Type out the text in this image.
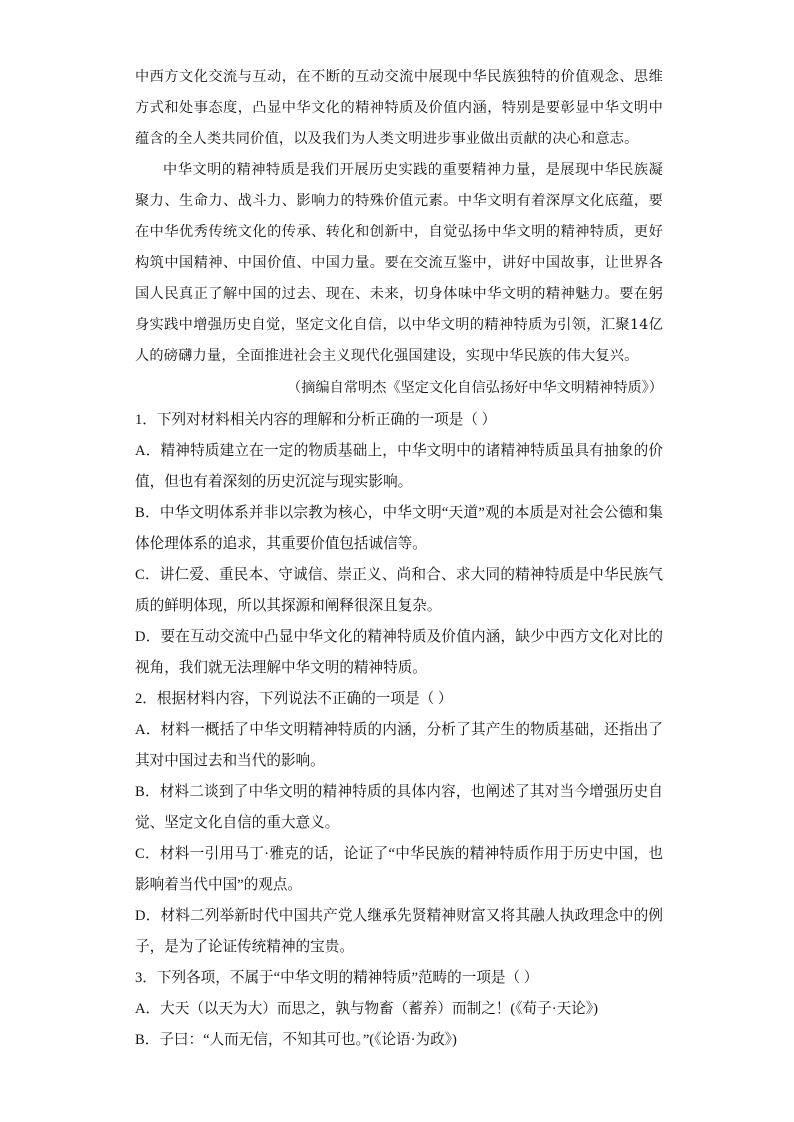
中西方文化交流与互动，在不断的互动交流中展现中华民族独特的价值观念、思维方式和处事态度，凸显中华文化的精神特质及价值内涵，特别是要彰显中华文明中蕴含的全人类共同价值，以及我们为人类文明进步事业做出贡献的决心和意志。

中华文明的精神特质是我们开展历史实践的重要精神力量，是展现中华民族凝聚力、生命力、战斗力、影响力的特殊价值元素。中华文明有着深厚文化底蕴，要在中华优秀传统文化的传承、转化和创新中，自觉弘扬中华文明的精神特质，更好构筑中国精神、中国价值、中国力量。要在交流互鉴中，讲好中国故事，让世界各国人民真正了解中国的过去、现在、未来，切身体味中华文明的精神魅力。要在躬身实践中增强历史自觉，坚定文化自信，以中华文明的精神特质为引领，汇聚14亿人的磅礴力量，全面推进社会主义现代化强国建设，实现中华民族的伟大复兴。

（摘编自常明杰《坚定文化自信弘扬好中华文明精神特质》）

1．下列对材料相关内容的理解和分析正确的一项是（ ）

A．精神特质建立在一定的物质基础上，中华文明中的诸精神特质虽具有抽象的价值，但也有着深刻的历史沉淀与现实影响。

B．中华文明体系并非以宗教为核心，中华文明“天道”观的本质是对社会公德和集体伦理体系的追求，其重要价值包括诚信等。

C．讲仁爱、重民本、守诚信、崇正义、尚和合、求大同的精神特质是中华民族气质的鲜明体现，所以其探源和阐释很深且复杂。

D．要在互动交流中凸显中华文化的精神特质及价值内涵，缺少中西方文化对比的视角，我们就无法理解中华文明的精神特质。

2．根据材料内容，下列说法不正确的一项是（ ）

A．材料一概括了中华文明精神特质的内涵，分析了其产生的物质基础，还指出了其对中国过去和当代的影响。

B．材料二谈到了中华文明的精神特质的具体内容，也阐述了其对当今增强历史自觉、坚定文化自信的重大意义。

C．材料一引用马丁·雅克的话，论证了“中华民族的精神特质作用于历史中国，也影响着当代中国”的观点。

D．材料二列举新时代中国共产党人继承先贤精神财富又将其融人执政理念中的例子，是为了论证传统精神的宝贵。

3．下列各项，不属于“中华文明的精神特质”范畴的一项是（ ）

A．大天（以天为大）而思之，孰与物畜（蓄养）而制之！(《荀子·天论》)

B．子曰：“人而无信，不知其可也。”(《论语·为政》)
